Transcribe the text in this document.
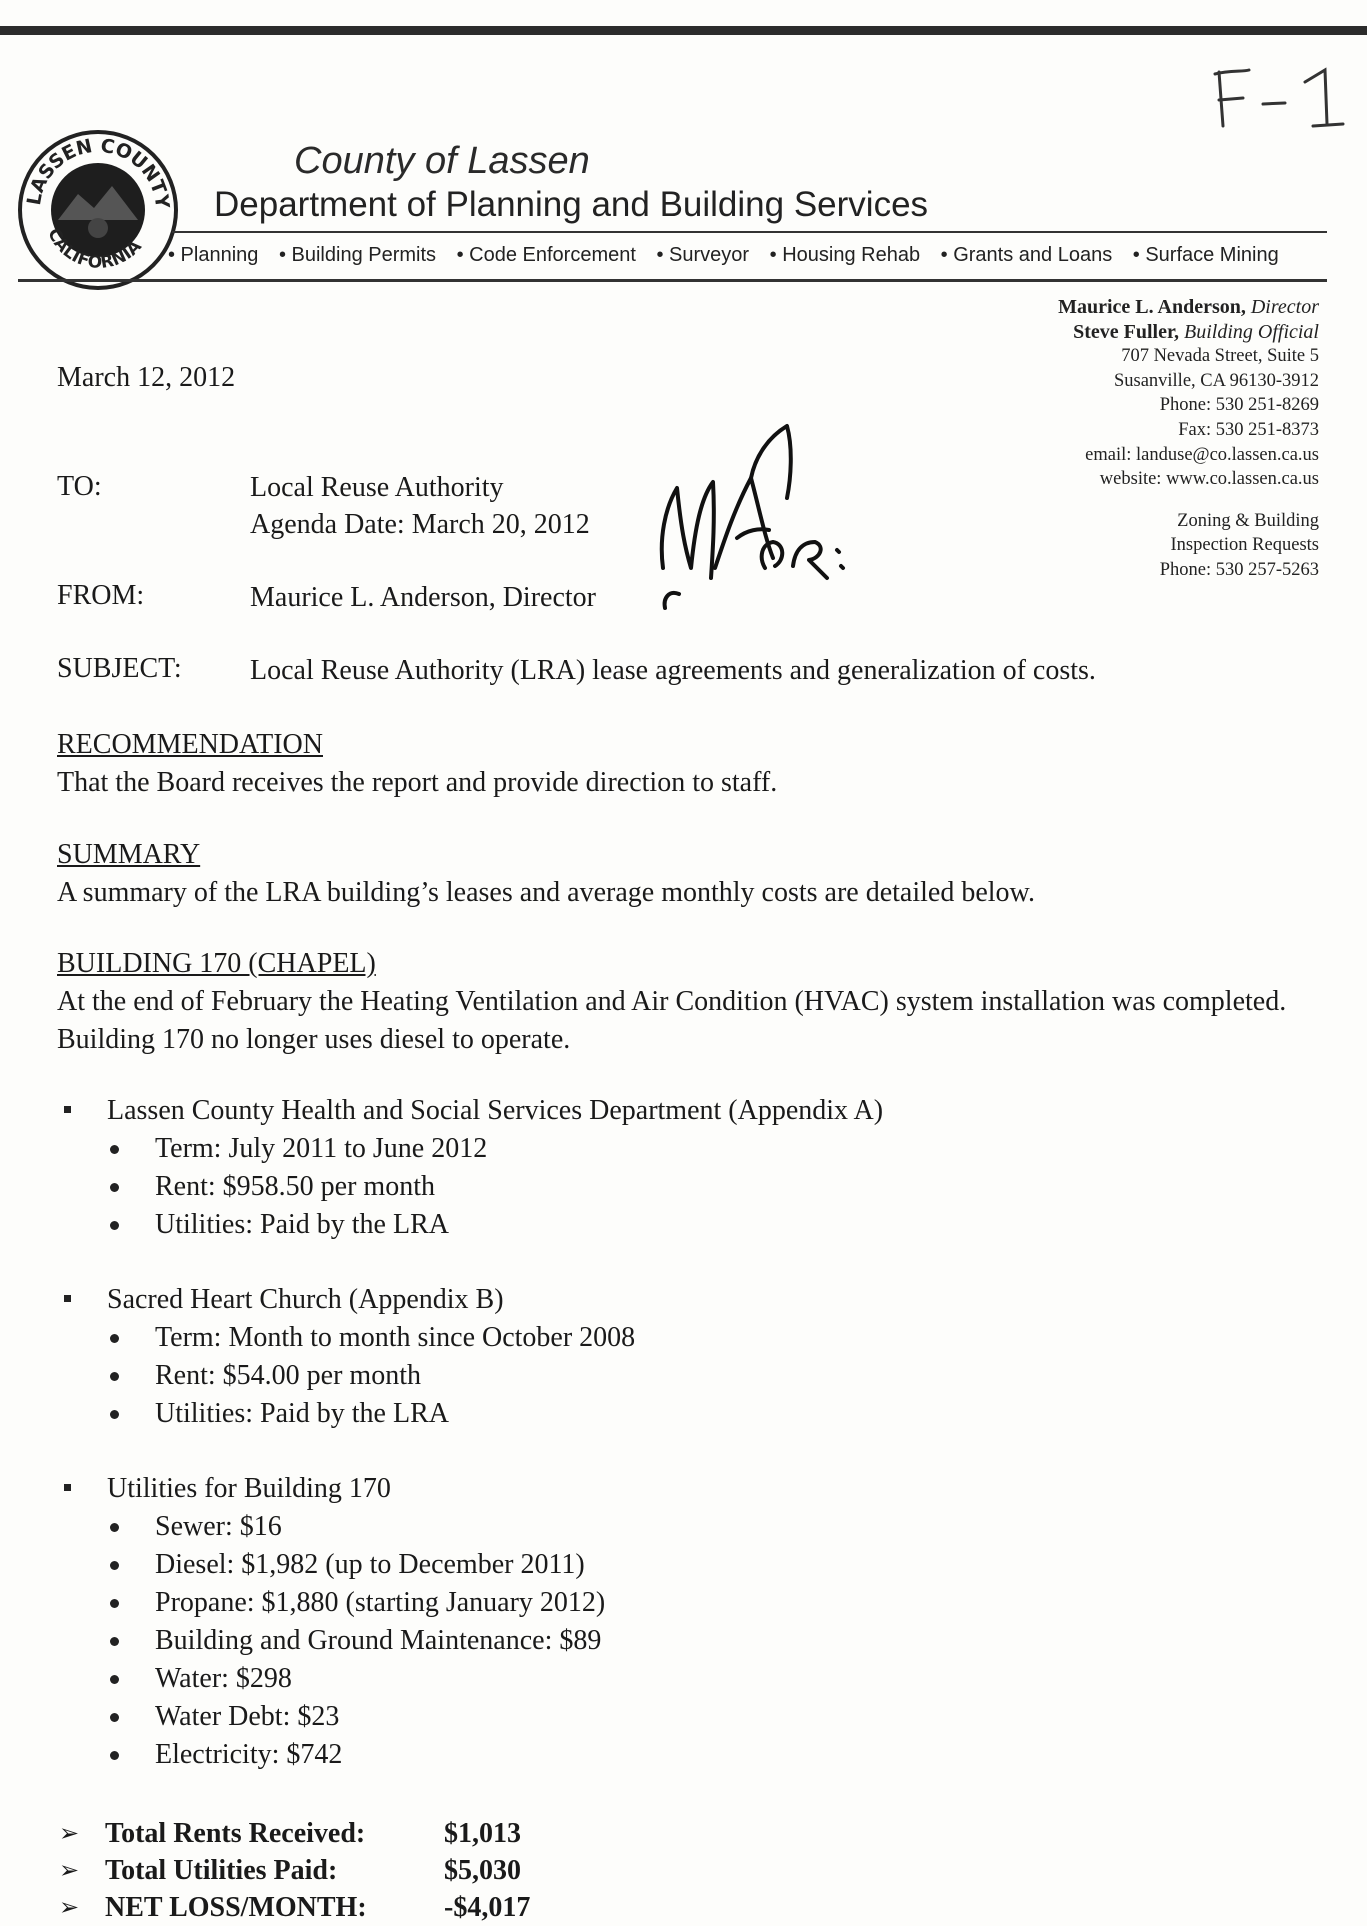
LASSEN COUNTY
CALIFORNIA
County of Lassen
Department of Planning and Building Services
• Planning • Building Permits • Code Enforcement • Surveyor • Housing Rehab • Grants and Loans • Surface Mining
Maurice L. Anderson, Director
Steve Fuller, Building Official
707 Nevada Street, Suite 5
Susanville, CA 96130-3912
Phone: 530 251-8269
Fax: 530 251-8373
email: landuse@co.lassen.ca.us
website: www.co.lassen.ca.us
Zoning & Building
Inspection Requests
Phone: 530 257-5263
March 12, 2012
TO:	Local Reuse Authority
Agenda Date: March 20, 2012
FROM:	Maurice L. Anderson, Director
SUBJECT: Local Reuse Authority (LRA) lease agreements and generalization of costs.
RECOMMENDATION
That the Board receives the report and provide direction to staff.
SUMMARY
A summary of the LRA building’s leases and average monthly costs are detailed below.
BUILDING 170 (CHAPEL)
At the end of February the Heating Ventilation and Air Condition (HVAC) system installation was completed. Building 170 no longer uses diesel to operate.
Lassen County Health and Social Services Department (Appendix A)
Term: July 2011 to June 2012
Rent: $958.50 per month
Utilities: Paid by the LRA
Sacred Heart Church (Appendix B)
Term: Month to month since October 2008
Rent: $54.00 per month
Utilities: Paid by the LRA
Utilities for Building 170
Sewer: $16
Diesel: $1,982 (up to December 2011)
Propane: $1,880 (starting January 2012)
Building and Ground Maintenance: $89
Water: $298
Water Debt: $23
Electricity: $742
➢ Total Rents Received:	$1,013
➢ Total Utilities Paid:	$5,030
➢ NET LOSS/MONTH:	-$4,017
